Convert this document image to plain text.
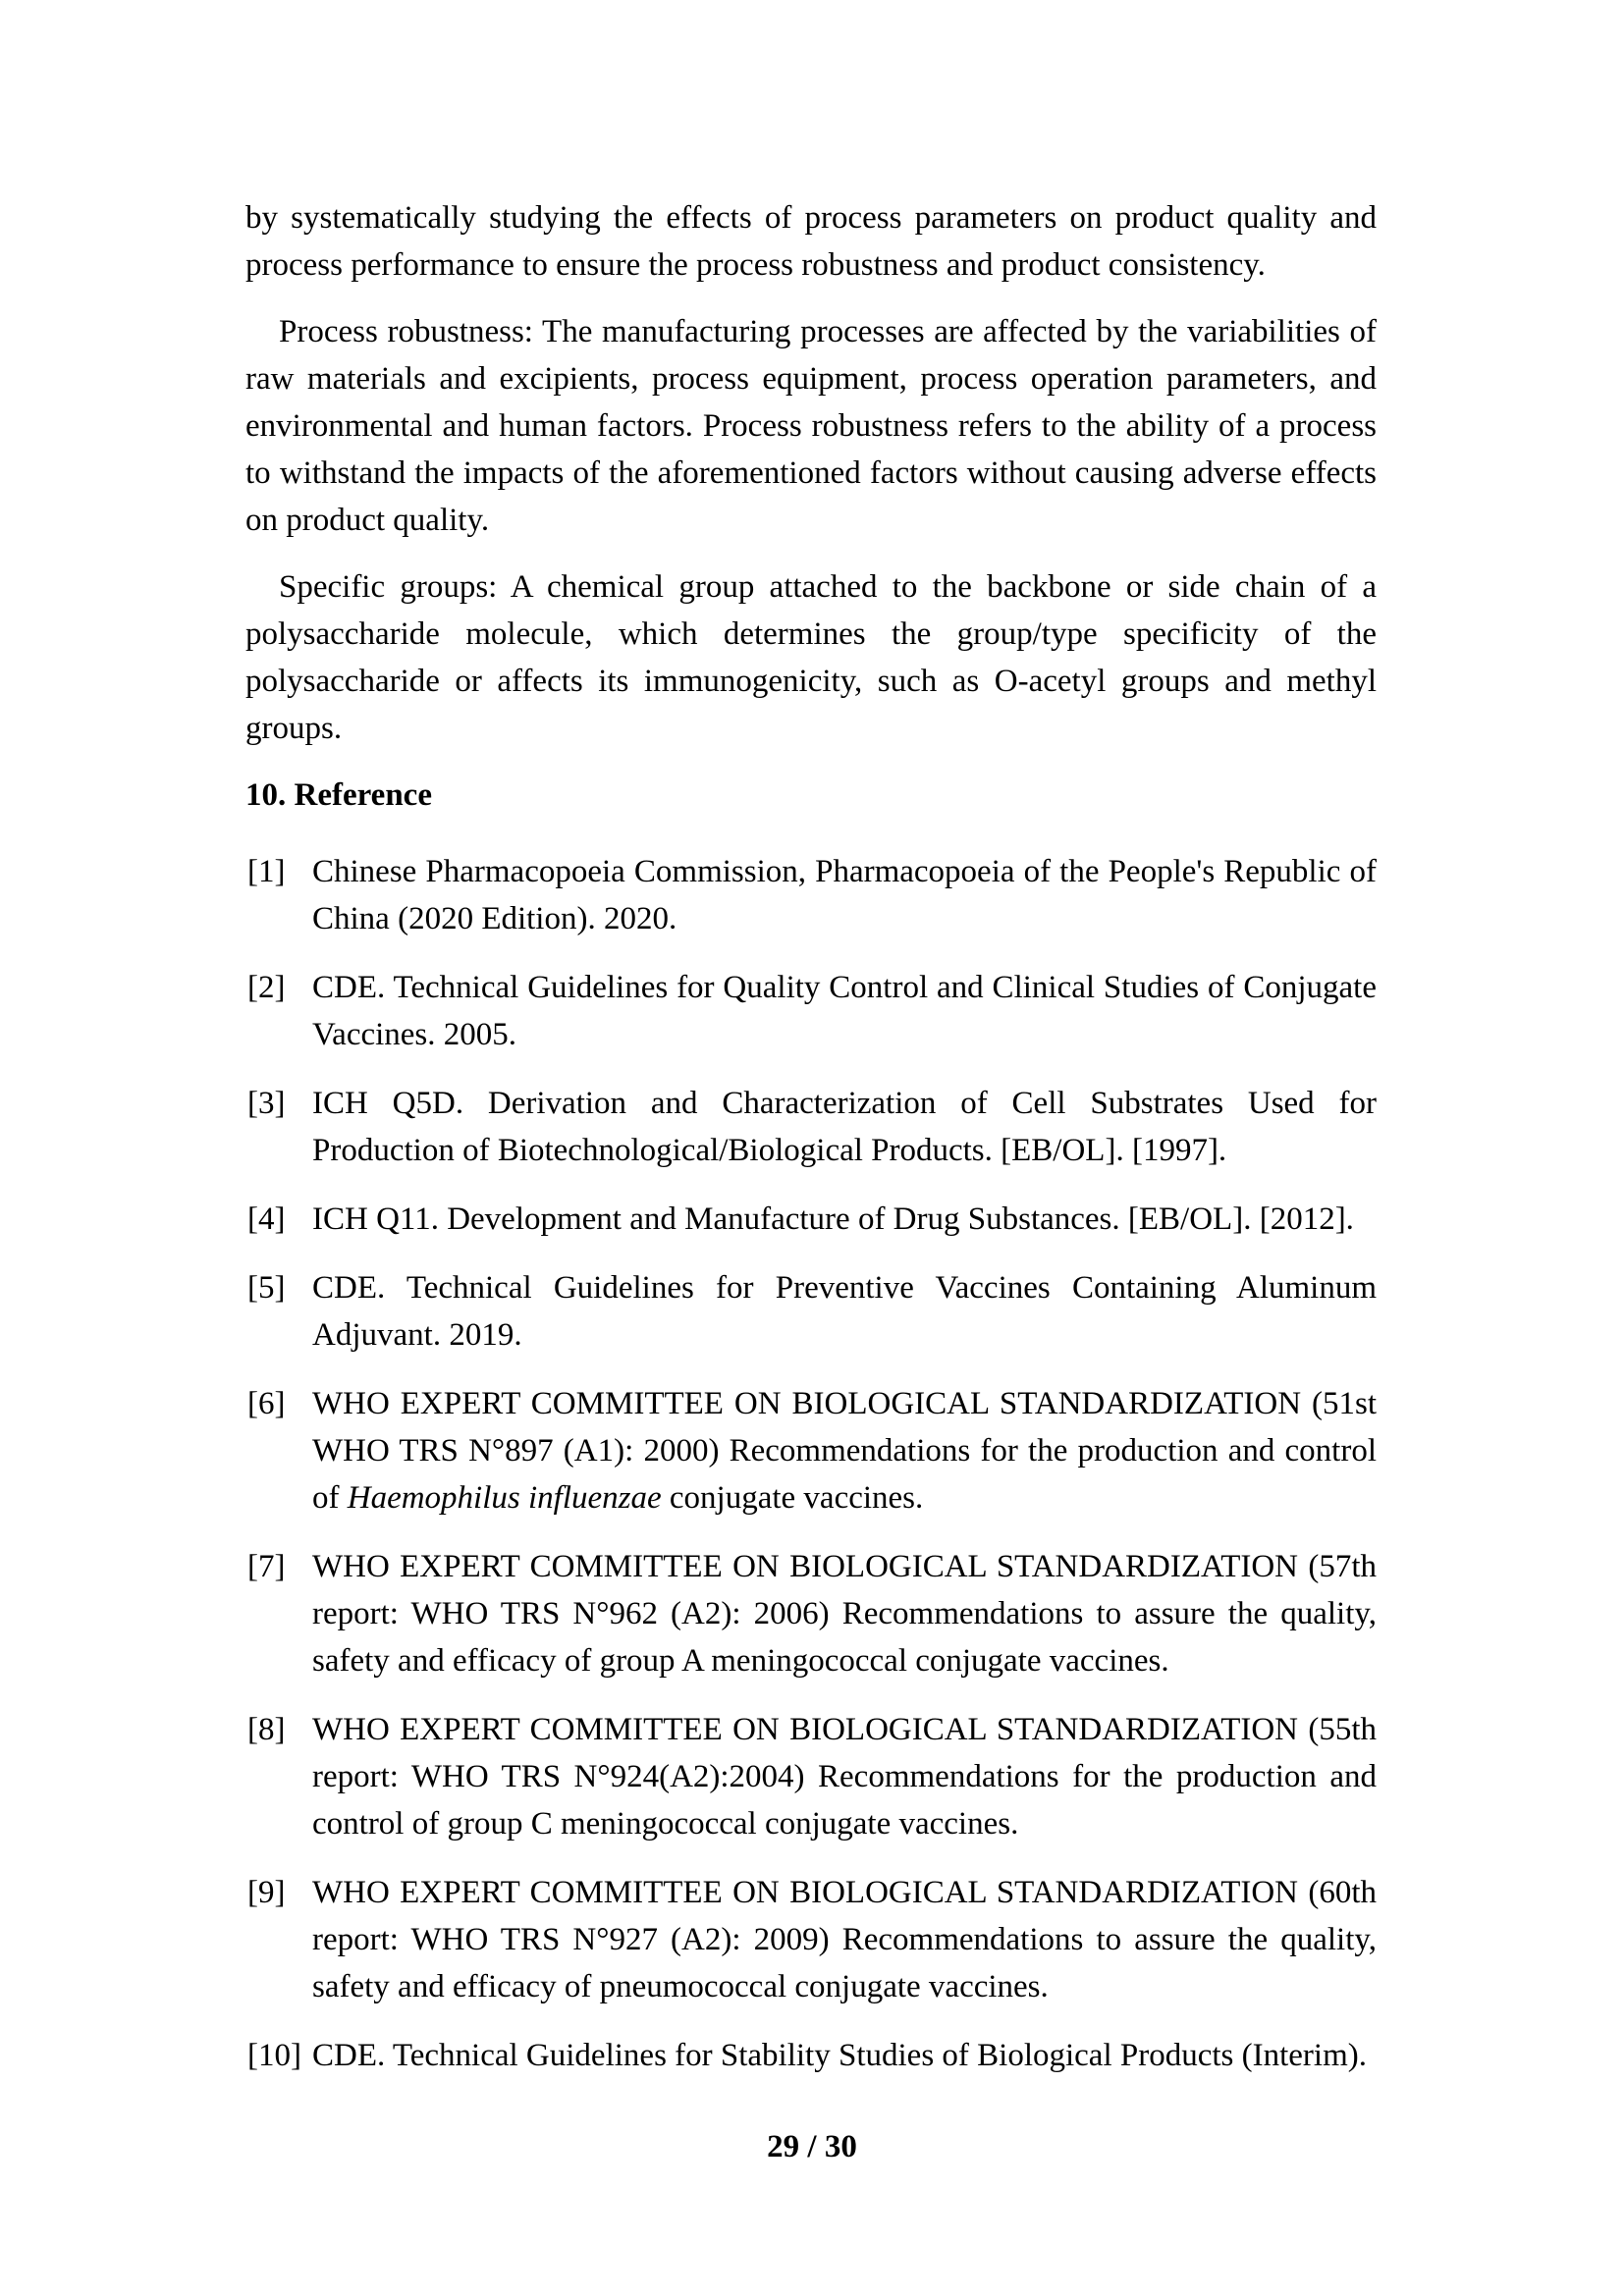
by systematically studying the effects of process parameters on product quality and process performance to ensure the process robustness and product consistency.

Process robustness: The manufacturing processes are affected by the variabilities of raw materials and excipients, process equipment, process operation parameters, and environmental and human factors. Process robustness refers to the ability of a process to withstand the impacts of the aforementioned factors without causing adverse effects on product quality.

Specific groups: A chemical group attached to the backbone or side chain of a polysaccharide molecule, which determines the group/type specificity of the polysaccharide or affects its immunogenicity, such as O-acetyl groups and methyl groups.

10. Reference
[1] Chinese Pharmacopoeia Commission, Pharmacopoeia of the People's Republic of China (2020 Edition). 2020.
[2] CDE. Technical Guidelines for Quality Control and Clinical Studies of Conjugate Vaccines. 2005.
[3] ICH Q5D. Derivation and Characterization of Cell Substrates Used for Production of Biotechnological/Biological Products. [EB/OL]. [1997].
[4] ICH Q11. Development and Manufacture of Drug Substances. [EB/OL]. [2012].
[5] CDE. Technical Guidelines for Preventive Vaccines Containing Aluminum Adjuvant. 2019.
[6] WHO EXPERT COMMITTEE ON BIOLOGICAL STANDARDIZATION (51st WHO TRS N°897 (A1): 2000) Recommendations for the production and control of Haemophilus influenzae conjugate vaccines.
[7] WHO EXPERT COMMITTEE ON BIOLOGICAL STANDARDIZATION (57th report: WHO TRS N°962 (A2): 2006) Recommendations to assure the quality, safety and efficacy of group A meningococcal conjugate vaccines.
[8] WHO EXPERT COMMITTEE ON BIOLOGICAL STANDARDIZATION (55th report: WHO TRS N°924(A2):2004) Recommendations for the production and control of group C meningococcal conjugate vaccines.
[9] WHO EXPERT COMMITTEE ON BIOLOGICAL STANDARDIZATION (60th report: WHO TRS N°927 (A2): 2009) Recommendations to assure the quality, safety and efficacy of pneumococcal conjugate vaccines.
[10] CDE. Technical Guidelines for Stability Studies of Biological Products (Interim).
29 / 30
